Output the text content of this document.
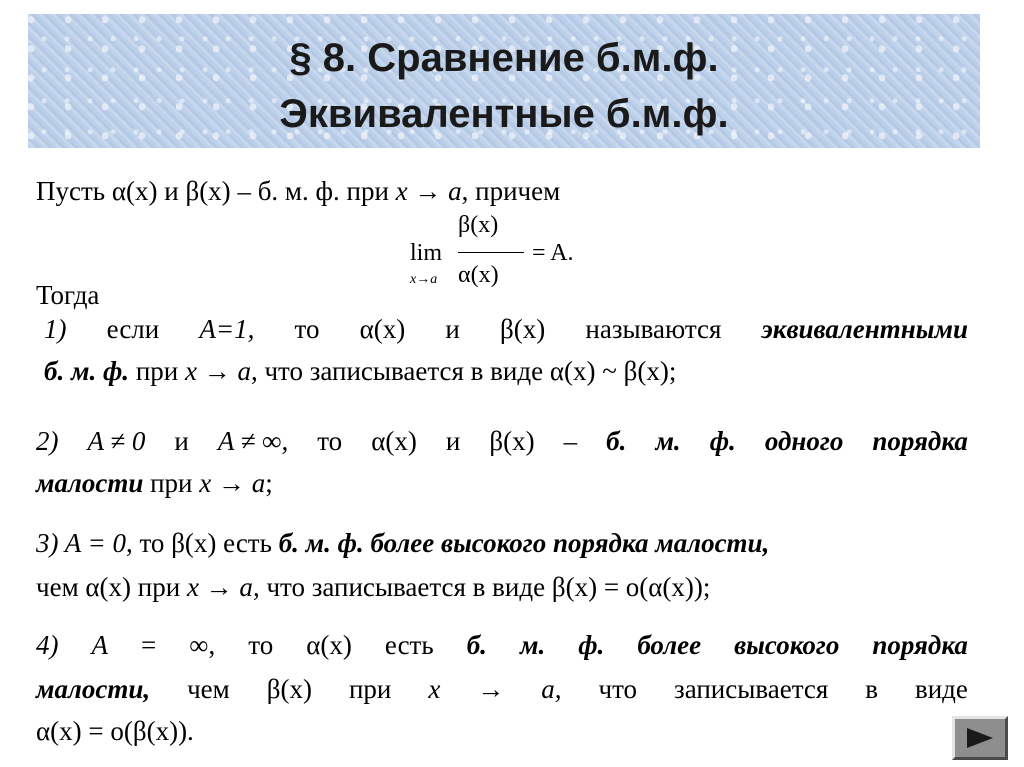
§ 8. Сравнение б.м.ф.
Эквивалентные б.м.ф.
Пусть α(x) и β(x) – б. м. ф. при x → a, причем
lim
x→a
β(x)
α(x)
= A.
Тогда
1) если A=1, то α(x) и β(x) называются эквивалентными
б. м. ф. при x → a, что записывается в виде α(x) ~ β(x);
2) A ≠ 0 и A ≠ ∞, то α(x) и β(x) – б. м. ф. одного порядка
малости при x → a;
3) A = 0, то β(x) есть б. м. ф. более высокого порядка малости,
чем α(x) при x → a, что записывается в виде β(x) = o(α(x));
4) A = ∞, то α(x) есть б. м. ф. более высокого порядка
малости, чем β(x) при x → a, что записывается в виде
α(x) = o(β(x)).
